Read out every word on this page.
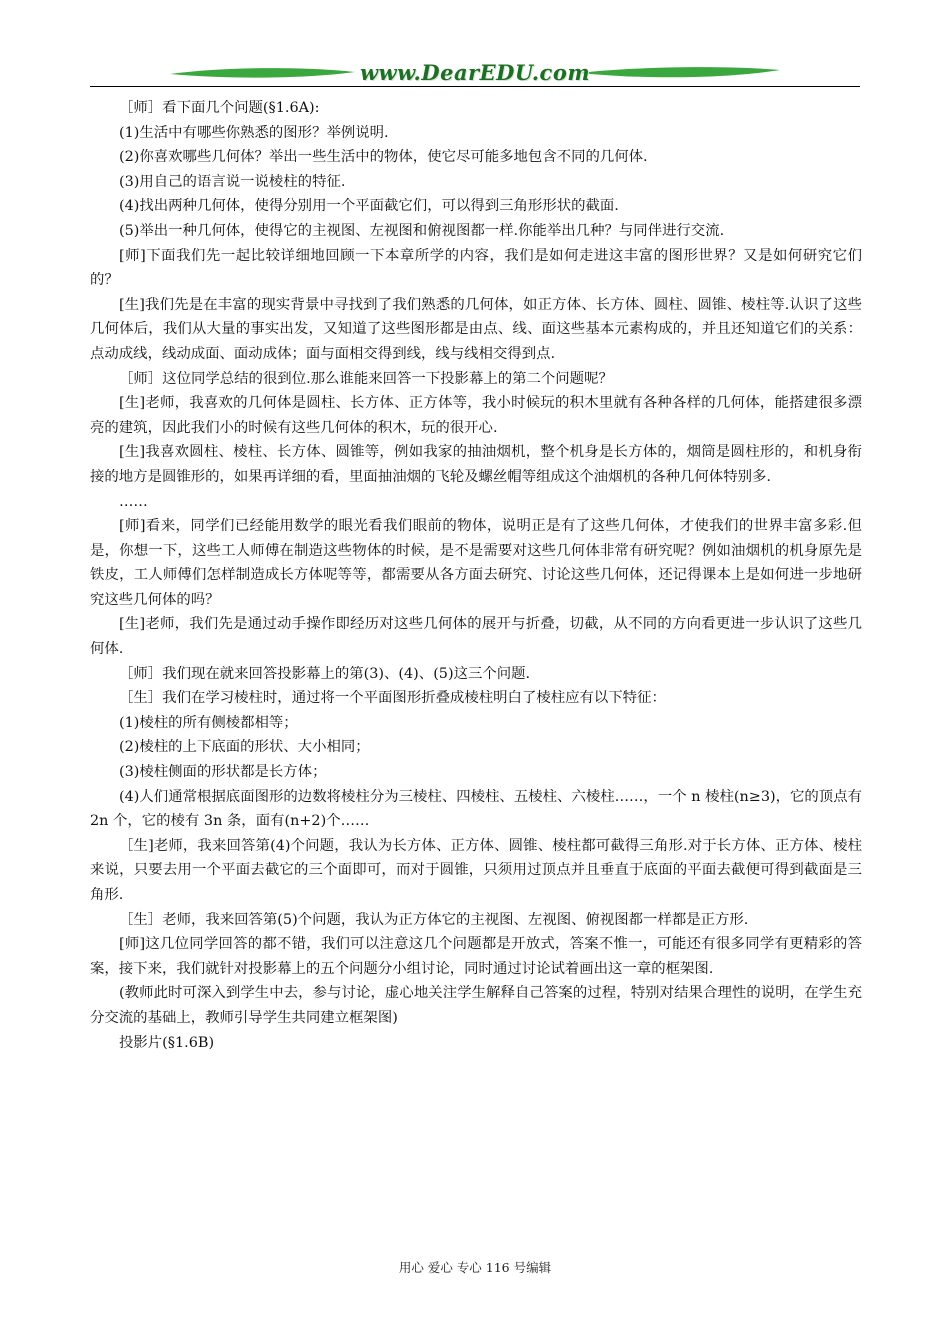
www.DearEDU.com

［师］看下面几个问题(§1.6A):

(1)生活中有哪些你熟悉的图形？举例说明.

(2)你喜欢哪些几何体？举出一些生活中的物体，使它尽可能多地包含不同的几何体.

(3)用自己的语言说一说棱柱的特征.

(4)找出两种几何体，使得分别用一个平面截它们，可以得到三角形形状的截面.

(5)举出一种几何体，使得它的主视图、左视图和俯视图都一样.你能举出几种？与同伴进行交流.

[师]下面我们先一起比较详细地回顾一下本章所学的内容，我们是如何走进这丰富的图形世界？又是如何研究它们的？

[生]我们先是在丰富的现实背景中寻找到了我们熟悉的几何体，如正方体、长方体、圆柱、圆锥、棱柱等.认识了这些几何体后，我们从大量的事实出发，又知道了这些图形都是由点、线、面这些基本元素构成的，并且还知道它们的关系：点动成线，线动成面、面动成体；面与面相交得到线，线与线相交得到点.

［师］这位同学总结的很到位.那么谁能来回答一下投影幕上的第二个问题呢？

[生]老师，我喜欢的几何体是圆柱、长方体、正方体等，我小时候玩的积木里就有各种各样的几何体，能搭建很多漂亮的建筑，因此我们小的时候有这些几何体的积木，玩的很开心.

[生]我喜欢圆柱、棱柱、长方体、圆锥等，例如我家的抽油烟机，整个机身是长方体的，烟筒是圆柱形的，和机身衔接的地方是圆锥形的，如果再详细的看，里面抽油烟的飞轮及螺丝帽等组成这个油烟机的各种几何体特别多.

……

[师]看来，同学们已经能用数学的眼光看我们眼前的物体，说明正是有了这些几何体，才使我们的世界丰富多彩.但是，你想一下，这些工人师傅在制造这些物体的时候，是不是需要对这些几何体非常有研究呢？例如油烟机的机身原先是铁皮，工人师傅们怎样制造成长方体呢等等，都需要从各方面去研究、讨论这些几何体，还记得课本上是如何进一步地研究这些几何体的吗？

[生]老师，我们先是通过动手操作即经历对这些几何体的展开与折叠，切截，从不同的方向看更进一步认识了这些几何体.

［师］我们现在就来回答投影幕上的第(3)、(4)、(5)这三个问题.

［生］我们在学习棱柱时，通过将一个平面图形折叠成棱柱明白了棱柱应有以下特征：

(1)棱柱的所有侧棱都相等；

(2)棱柱的上下底面的形状、大小相同；

(3)棱柱侧面的形状都是长方体；

(4)人们通常根据底面图形的边数将棱柱分为三棱柱、四棱柱、五棱柱、六棱柱……，一个 n 棱柱(n≥3)，它的顶点有 2n 个，它的棱有 3n 条，面有(n+2)个……

［生]老师，我来回答第(4)个问题，我认为长方体、正方体、圆锥、棱柱都可截得三角形.对于长方体、正方体、棱柱来说，只要去用一个平面去截它的三个面即可，而对于圆锥，只须用过顶点并且垂直于底面的平面去截便可得到截面是三角形.

［生］老师，我来回答第(5)个问题，我认为正方体它的主视图、左视图、俯视图都一样都是正方形.

[师]这几位同学回答的都不错，我们可以注意这几个问题都是开放式，答案不惟一，可能还有很多同学有更精彩的答案，接下来，我们就针对投影幕上的五个问题分小组讨论，同时通过讨论试着画出这一章的框架图.

(教师此时可深入到学生中去，参与讨论，虚心地关注学生解释自己答案的过程，特别对结果合理性的说明，在学生充分交流的基础上，教师引导学生共同建立框架图)

投影片(§1.6B)

用心 爱心 专心 116 号编辑
